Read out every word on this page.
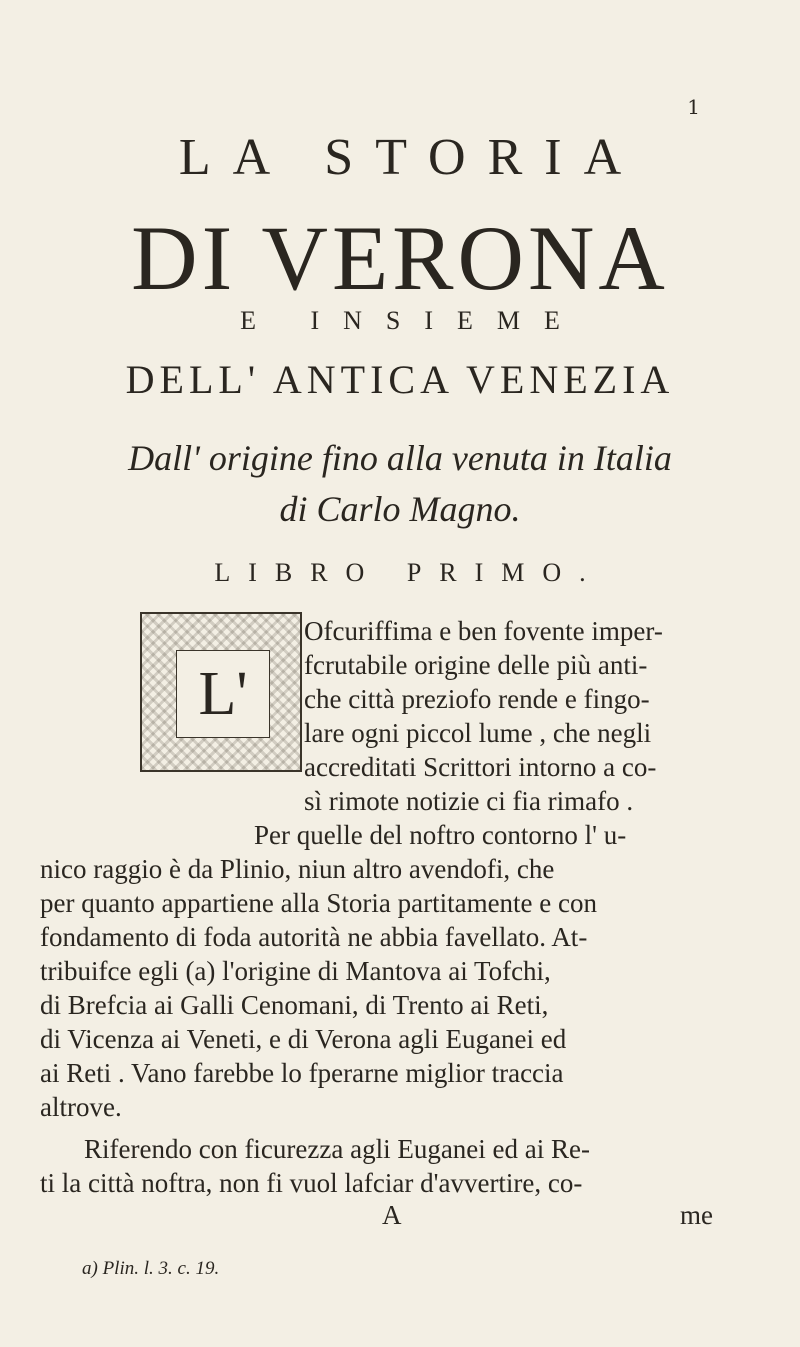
1
LA STORIA
DI VERONA
E INSIEME
DELL' ANTICA VENEZIA
Dall' origine fino alla venuta in Italia
di Carlo Magno.
LIBRO PRIMO.
L'
Ofcuriffima e ben fovente imper-
fcrutabile origine delle più anti-
che città preziofo rende e fingo-
lare ogni piccol lume , che negli
accreditati Scrittori intorno a co-
sì rimote notizie ci fia rimafo .
Per quelle del noftro contorno l' u-
nico raggio è da Plinio, niun altro avendofi, che
per quanto appartiene alla Storia partitamente e con
fondamento di foda autorità ne abbia favellato. At-
tribuifce egli (a) l'origine di Mantova ai Tofchi,
di Brefcia ai Galli Cenomani, di Trento ai Reti,
di Vicenza ai Veneti, e di Verona agli Euganei ed
ai Reti . Vano farebbe lo fperarne miglior traccia
altrove.
Riferendo con ficurezza agli Euganei ed ai Re-
ti la città noftra, non fi vuol lafciar d'avvertire, co-
A	me
a) Plin. l. 3. c. 19.
